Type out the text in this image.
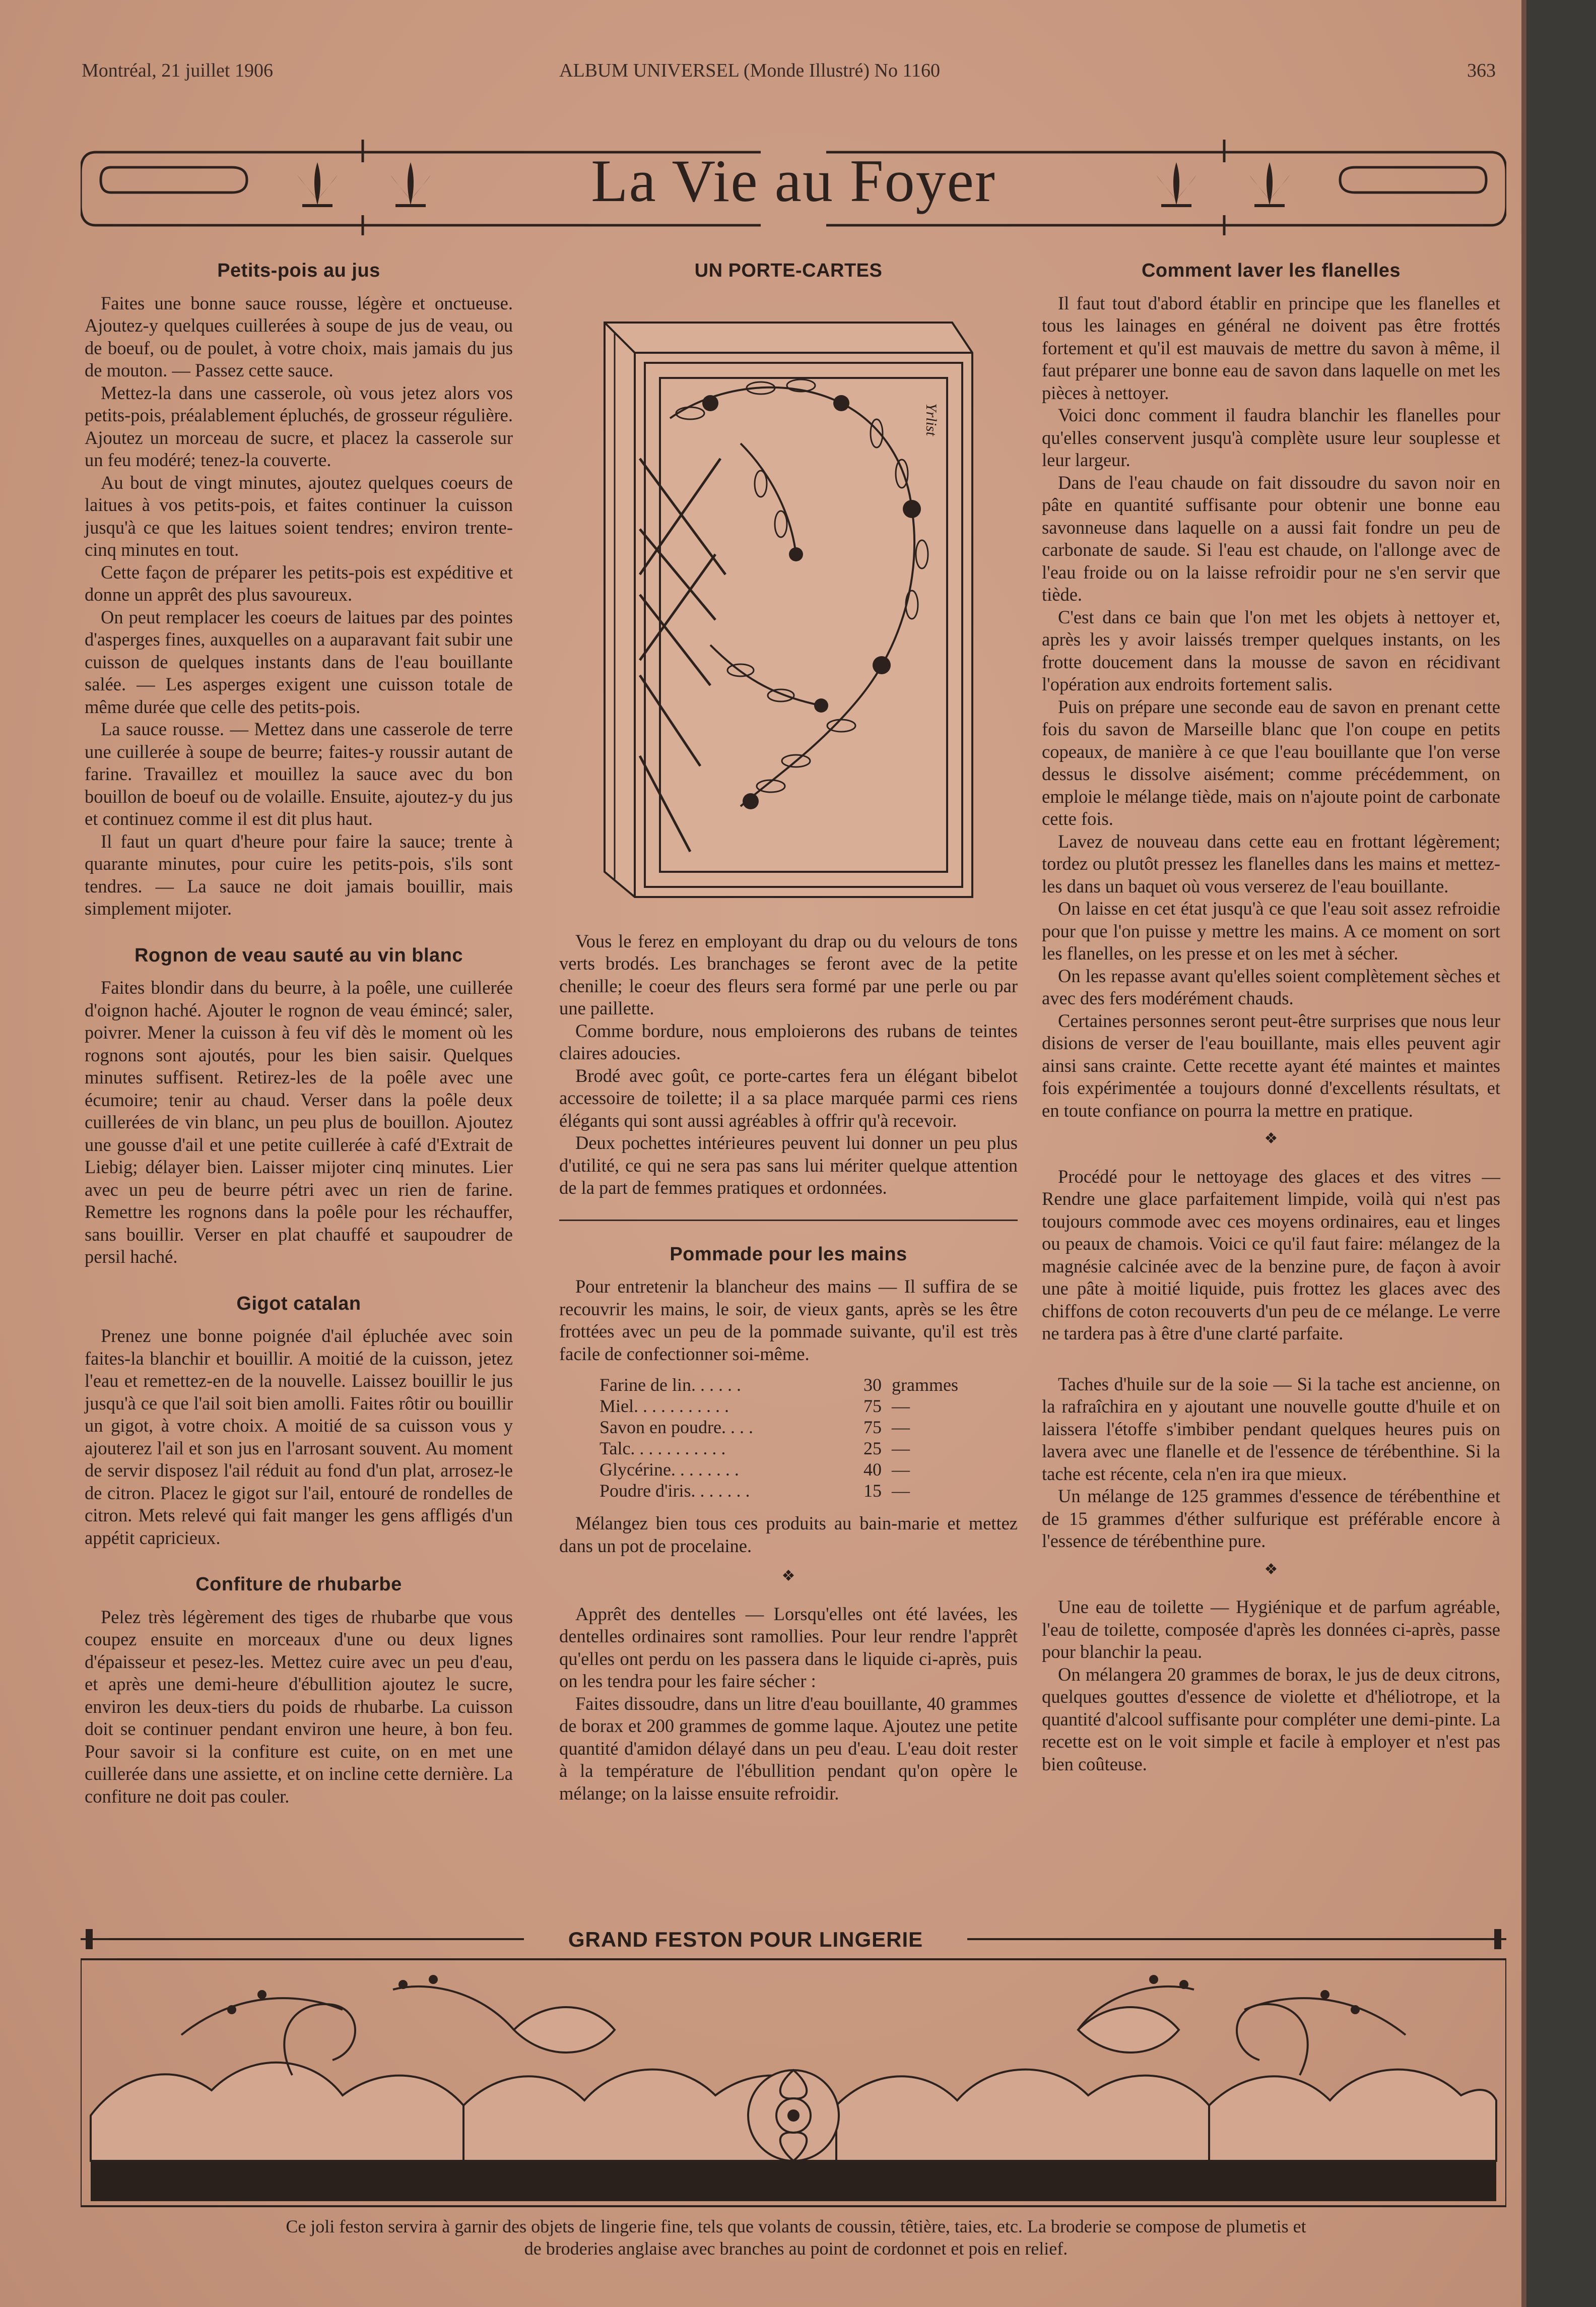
Montréal, 21 juillet 1906	ALBUM UNIVERSEL (Monde Illustré) No 1160	363
La Vie au Foyer
Petits-pois au jus

Faites une bonne sauce rousse, légère et onctueuse. Ajoutez-y quelques cuillerées à soupe de jus de veau, ou de boeuf, ou de poulet, à votre choix, mais jamais du jus de mouton. — Passez cette sauce.

Mettez-la dans une casserole, où vous jetez alors vos petits-pois, préalablement épluchés, de grosseur régulière. Ajoutez un morceau de sucre, et placez la casserole sur un feu modéré; tenez-la couverte.

Au bout de vingt minutes, ajoutez quelques coeurs de laitues à vos petits-pois, et faites continuer la cuisson jusqu'à ce que les laitues soient tendres; environ trente-cinq minutes en tout.

Cette façon de préparer les petits-pois est expéditive et donne un apprêt des plus savoureux.

On peut remplacer les coeurs de laitues par des pointes d'asperges fines, auxquelles on a auparavant fait subir une cuisson de quelques instants dans de l'eau bouillante salée. — Les asperges exigent une cuisson totale de même durée que celle des petits-pois.

La sauce rousse. — Mettez dans une casserole de terre une cuillerée à soupe de beurre; faites-y roussir autant de farine. Travaillez et mouillez la sauce avec du bon bouillon de boeuf ou de volaille. Ensuite, ajoutez-y du jus et continuez comme il est dit plus haut.

Il faut un quart d'heure pour faire la sauce; trente à quarante minutes, pour cuire les petits-pois, s'ils sont tendres. — La sauce ne doit jamais bouillir, mais simplement mijoter.

Rognon de veau sauté au vin blanc

Faites blondir dans du beurre, à la poêle, une cuillerée d'oignon haché. Ajouter le rognon de veau émincé; saler, poivrer. Mener la cuisson à feu vif dès le moment où les rognons sont ajoutés, pour les bien saisir. Quelques minutes suffisent. Retirez-les de la poêle avec une écumoire; tenir au chaud. Verser dans la poêle deux cuillerées de vin blanc, un peu plus de bouillon. Ajoutez une gousse d'ail et une petite cuillerée à café d'Extrait de Liebig; délayer bien. Laisser mijoter cinq minutes. Lier avec un peu de beurre pétri avec un rien de farine. Remettre les rognons dans la poêle pour les réchauffer, sans bouillir. Verser en plat chauffé et saupoudrer de persil haché.

Gigot catalan

Prenez une bonne poignée d'ail épluchée avec soin faites-la blanchir et bouillir. A moitié de la cuisson, jetez l'eau et remettez-en de la nouvelle. Laissez bouillir le jus jusqu'à ce que l'ail soit bien amolli. Faites rôtir ou bouillir un gigot, à votre choix. A moitié de sa cuisson vous y ajouterez l'ail et son jus en l'arrosant souvent. Au moment de servir disposez l'ail réduit au fond d'un plat, arrosez-le de citron. Placez le gigot sur l'ail, entouré de rondelles de citron. Mets relevé qui fait manger les gens affligés d'un appétit capricieux.

Confiture de rhubarbe

Pelez très légèrement des tiges de rhubarbe que vous coupez ensuite en morceaux d'une ou deux lignes d'épaisseur et pesez-les. Mettez cuire avec un peu d'eau, et après une demi-heure d'ébullition ajoutez le sucre, environ les deux-tiers du poids de rhubarbe. La cuisson doit se continuer pendant environ une heure, à bon feu. Pour savoir si la confiture est cuite, on en met une cuillerée dans une assiette, et on incline cette dernière. La confiture ne doit pas couler.

UN PORTE-CARTES
Yrlist

Vous le ferez en employant du drap ou du velours de tons verts brodés. Les branchages se feront avec de la petite chenille; le coeur des fleurs sera formé par une perle ou par une paillette.

Comme bordure, nous emploierons des rubans de teintes claires adoucies.

Brodé avec goût, ce porte-cartes fera un élégant bibelot accessoire de toilette; il a sa place marquée parmi ces riens élégants qui sont aussi agréables à offrir qu'à recevoir.

Deux pochettes intérieures peuvent lui donner un peu plus d'utilité, ce qui ne sera pas sans lui mériter quelque attention de la part de femmes pratiques et ordonnées.

Pommade pour les mains

Pour entretenir la blancheur des mains — Il suffira de se recouvrir les mains, le soir, de vieux gants, après se les être frottées avec un peu de la pommade suivante, qu'il est très facile de confectionner soi-même.

Farine de lin. . . . . .	30 grammes
Miel. . . . . . . . . . .	75 —
Savon en poudre. . . .	75 —
Talc. . . . . . . . . . .	25 —
Glycérine. . . . . . . .	40 —
Poudre d'iris. . . . . . .	15 —

Mélangez bien tous ces produits au bain-marie et mettez dans un pot de procelaine.

❖

Apprêt des dentelles — Lorsqu'elles ont été lavées, les dentelles ordinaires sont ramollies. Pour leur rendre l'apprêt qu'elles ont perdu on les passera dans le liquide ci-après, puis on les tendra pour les faire sécher :

Faites dissoudre, dans un litre d'eau bouillante, 40 grammes de borax et 200 grammes de gomme laque. Ajoutez une petite quantité d'amidon délayé dans un peu d'eau. L'eau doit rester à la température de l'ébullition pendant qu'on opère le mélange; on la laisse ensuite refroidir.

Comment laver les flanelles

Il faut tout d'abord établir en principe que les flanelles et tous les lainages en général ne doivent pas être frottés fortement et qu'il est mauvais de mettre du savon à même, il faut préparer une bonne eau de savon dans laquelle on met les pièces à nettoyer.

Voici donc comment il faudra blanchir les flanelles pour qu'elles conservent jusqu'à complète usure leur souplesse et leur largeur.

Dans de l'eau chaude on fait dissoudre du savon noir en pâte en quantité suffisante pour obtenir une bonne eau savonneuse dans laquelle on a aussi fait fondre un peu de carbonate de saude. Si l'eau est chaude, on l'allonge avec de l'eau froide ou on la laisse refroidir pour ne s'en servir que tiède.

C'est dans ce bain que l'on met les objets à nettoyer et, après les y avoir laissés tremper quelques instants, on les frotte doucement dans la mousse de savon en récidivant l'opération aux endroits fortement salis.

Puis on prépare une seconde eau de savon en prenant cette fois du savon de Marseille blanc que l'on coupe en petits copeaux, de manière à ce que l'eau bouillante que l'on verse dessus le dissolve aisément; comme précédemment, on emploie le mélange tiède, mais on n'ajoute point de carbonate cette fois.

Lavez de nouveau dans cette eau en frottant légèrement; tordez ou plutôt pressez les flanelles dans les mains et mettez-les dans un baquet où vous verserez de l'eau bouillante.

On laisse en cet état jusqu'à ce que l'eau soit assez refroidie pour que l'on puisse y mettre les mains. A ce moment on sort les flanelles, on les presse et on les met à sécher.

On les repasse avant qu'elles soient complètement sèches et avec des fers modérément chauds.

Certaines personnes seront peut-être surprises que nous leur disions de verser de l'eau bouillante, mais elles peuvent agir ainsi sans crainte. Cette recette ayant été maintes et maintes fois expérimentée a toujours donné d'excellents résultats, et en toute confiance on pourra la mettre en pratique.

❖

Procédé pour le nettoyage des glaces et des vitres — Rendre une glace parfaitement limpide, voilà qui n'est pas toujours commode avec ces moyens ordinaires, eau et linges ou peaux de chamois. Voici ce qu'il faut faire: mélangez de la magnésie calcinée avec de la benzine pure, de façon à avoir une pâte à moitié liquide, puis frottez les glaces avec des chiffons de coton recouverts d'un peu de ce mélange. Le verre ne tardera pas à être d'une clarté parfaite.

Taches d'huile sur de la soie — Si la tache est ancienne, on la rafraîchira en y ajoutant une nouvelle goutte d'huile et on laissera l'étoffe s'imbiber pendant quelques heures puis on lavera avec une flanelle et de l'essence de térébenthine. Si la tache est récente, cela n'en ira que mieux.

Un mélange de 125 grammes d'essence de térébenthine et de 15 grammes d'éther sulfurique est préférable encore à l'essence de térébenthine pure.

❖

Une eau de toilette — Hygiénique et de parfum agréable, l'eau de toilette, composée d'après les données ci-après, passe pour blanchir la peau.

On mélangera 20 grammes de borax, le jus de deux citrons, quelques gouttes d'essence de violette et d'héliotrope, et la quantité d'alcool suffisante pour compléter une demi-pinte. La recette est on le voit simple et facile à employer et n'est pas bien coûteuse.

GRAND FESTON POUR LINGERIE
Ce joli feston servira à garnir des objets de lingerie fine, tels que volants de coussin, têtière, taies, etc. La broderie se compose de plumetis et
de broderies anglaise avec branches au point de cordonnet et pois en relief.
